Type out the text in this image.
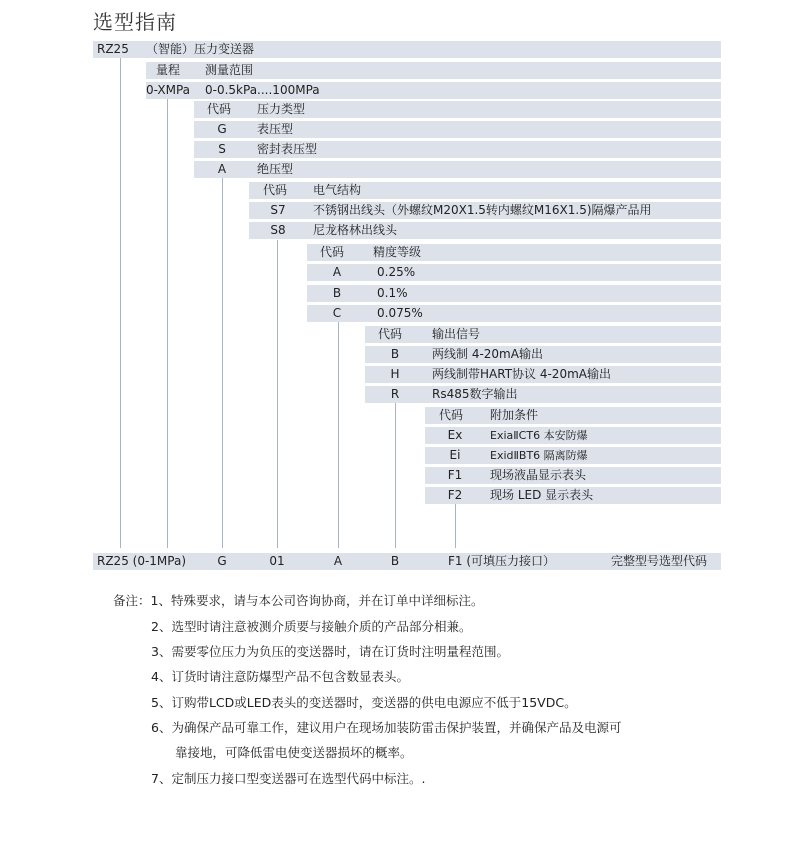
选型指南
RZ25 （智能）压力变送器
量程 测量范围
0-XMPa 0-0.5kPa....100MPa
代码 压力类型
G	表压型
S	密封表压型
A	绝压型
代码 电气结构
S7	不锈钢出线头（外螺纹M20X1.5转内螺纹M16X1.5)隔爆产品用
S8	尼龙格林出线头
代码 精度等级
A	0.25%
B	0.1%
C	0.075%
代码 输出信号
B	两线制 4-20mA输出
H	两线制带HART协议 4-20mA输出
R	Rs485数字输出
代码 附加条件
Ex	ExiaⅡCT6 本安防爆
Ei	ExidⅡBT6 隔离防爆
F1	现场液晶显示表头
F2	现场 LED 显示表头
RZ25 (0-1MPa)	G	01	A	B	F1 (可填压力接口）	完整型号选型代码
备注：1、特殊要求，请与本公司咨询协商，并在订单中详细标注。
2、选型时请注意被测介质要与接触介质的产品部分相兼。
3、需要零位压力为负压的变送器时，请在订货时注明量程范围。
4、订货时请注意防爆型产品不包含数显表头。
5、订购带LCD或LED表头的变送器时，变送器的供电电源应不低于15VDC。
6、为确保产品可靠工作，建议用户在现场加装防雷击保护装置，并确保产品及电源可
靠接地，可降低雷电使变送器损坏的概率。
7、定制压力接口型变送器可在选型代码中标注。.
